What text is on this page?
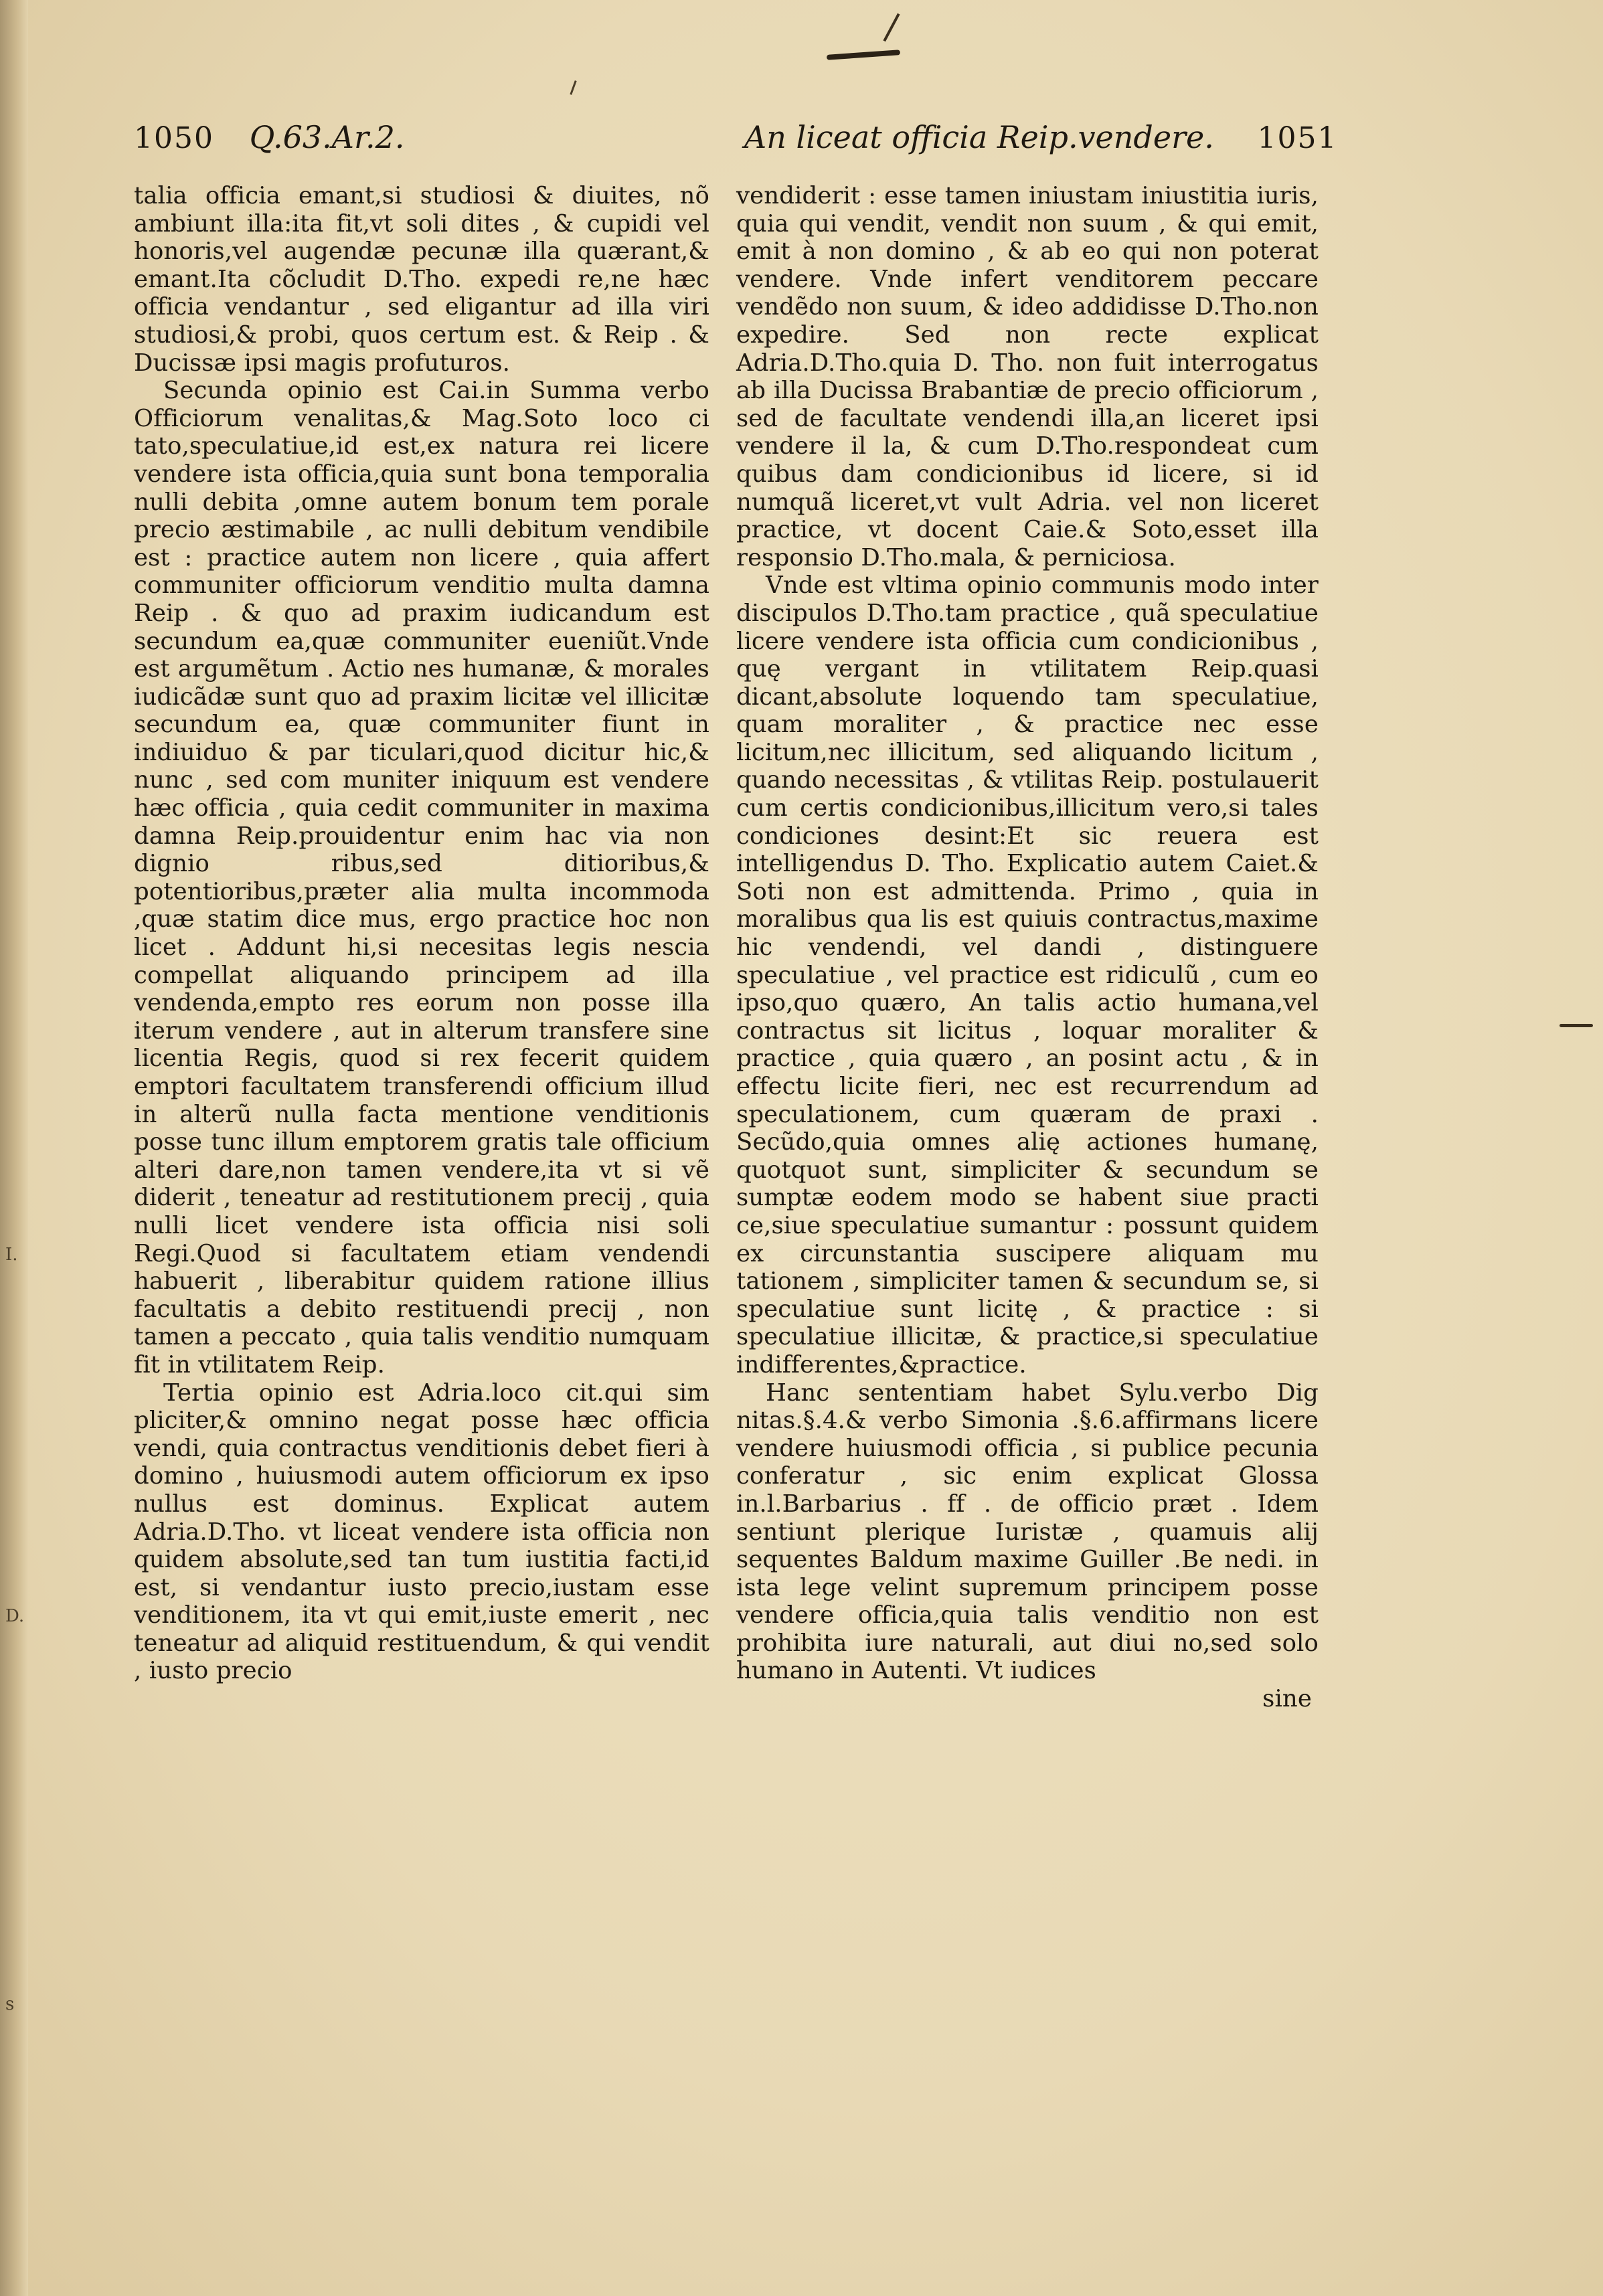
I.
D.
s
1050 Q.63.Ar.2.	An liceat officia Reip.vendere. 1051

talia officia emant,si studiosi & diuites, nõ ambiunt illa:ita fit,vt soli dites , & cupidi vel honoris,vel augendæ pecunæ illa quærant,& emant.Ita cõcludit D.Tho. expedi re,ne hæc officia vendantur , sed eligantur ad illa viri studiosi,& probi, quos certum est. & Reip . & Ducissæ ipsi magis profuturos.

Secunda opinio est Cai.in Summa verbo Officiorum venalitas,& Mag.Soto loco ci tato,speculatiue,id est,ex natura rei licere vendere ista officia,quia sunt bona temporalia nulli debita ,omne autem bonum tem porale precio æstimabile , ac nulli debitum vendibile est : practice autem non licere , quia affert communiter officiorum venditio multa damna Reip . & quo ad praxim iudicandum est secundum ea,quæ communiter eueniũt.Vnde est argumẽtum . Actio nes humanæ, & morales iudicãdæ sunt quo ad praxim licitæ vel illicitæ secundum ea, quæ communiter fiunt in indiuiduo & par ticulari,quod dicitur hic,& nunc , sed com muniter iniquum est vendere hæc officia , quia cedit communiter in maxima damna Reip.prouidentur enim hac via non dignio ribus,sed ditioribus,& potentioribus,præter alia multa incommoda ,quæ statim dice mus, ergo practice hoc non licet . Addunt hi,si necesitas legis nescia compellat aliquando principem ad illa vendenda,empto res eorum non posse illa iterum vendere , aut in alterum transfere sine licentia Regis, quod si rex fecerit quidem emptori facultatem transferendi officium illud in alterũ nulla facta mentione venditionis posse tunc illum emptorem gratis tale officium alteri dare,non tamen vendere,ita vt si vẽ diderit , teneatur ad restitutionem precij , quia nulli licet vendere ista officia nisi soli Regi.Quod si facultatem etiam vendendi habuerit , liberabitur quidem ratione illius facultatis a debito restituendi precij , non tamen a peccato , quia talis venditio numquam fit in vtilitatem Reip.

Tertia opinio est Adria.loco cit.qui sim pliciter,& omnino negat posse hæc officia vendi, quia contractus venditionis debet fieri à domino , huiusmodi autem officiorum ex ipso nullus est dominus. Explicat autem Adria.D.Tho. vt liceat vendere ista officia non quidem absolute,sed tan tum iustitia facti,id est, si vendantur iusto precio,iustam esse venditionem, ita vt qui emit,iuste emerit , nec teneatur ad aliquid restituendum, & qui vendit , iusto precio

vendiderit : esse tamen iniustam iniustitia iuris, quia qui vendit, vendit non suum , & qui emit, emit à non domino , & ab eo qui non poterat vendere. Vnde infert venditorem peccare vendẽdo non suum, & ideo addidisse D.Tho.non expedire. Sed non recte explicat Adria.D.Tho.quia D. Tho. non fuit interrogatus ab illa Ducissa Brabantiæ de precio officiorum , sed de facultate vendendi illa,an liceret ipsi vendere il la, & cum D.Tho.respondeat cum quibus dam condicionibus id licere, si id numquã liceret,vt vult Adria. vel non liceret practice, vt docent Caie.& Soto,esset illa responsio D.Tho.mala, & perniciosa.

Vnde est vltima opinio communis modo inter discipulos D.Tho.tam practice , quã speculatiue licere vendere ista officia cum condicionibus , quę vergant in vtilitatem Reip.quasi dicant,absolute loquendo tam speculatiue, quam moraliter , & practice nec esse licitum,nec illicitum, sed aliquando licitum , quando necessitas , & vtilitas Reip. postulauerit cum certis condicionibus,illicitum vero,si tales condiciones desint:Et sic reuera est intelligendus D. Tho. Explicatio autem Caiet.& Soti non est admittenda. Primo , quia in moralibus qua lis est quiuis contractus,maxime hic vendendi, vel dandi , distinguere speculatiue , vel practice est ridiculũ , cum eo ipso,quo quæro, An talis actio humana,vel contractus sit licitus , loquar moraliter & practice , quia quæro , an posint actu , & in effectu licite fieri, nec est recurrendum ad speculationem, cum quæram de praxi . Secũdo,quia omnes alię actiones humanę, quotquot sunt, simpliciter & secundum se sumptæ eodem modo se habent siue practi ce,siue speculatiue sumantur : possunt quidem ex circunstantia suscipere aliquam mu tationem , simpliciter tamen & secundum se, si speculatiue sunt licitę , & practice : si speculatiue illicitæ, & practice,si speculatiue indifferentes,&practice.

Hanc sententiam habet Sylu.verbo Dig nitas.§.4.& verbo Simonia .§.6.affirmans licere vendere huiusmodi officia , si publice pecunia conferatur , sic enim explicat Glossa in.l.Barbarius . ff . de officio præt . Idem sentiunt plerique Iuristæ , quamuis alij sequentes Baldum maxime Guiller .Be nedi. in ista lege velint supremum principem posse vendere officia,quia talis venditio non est prohibita iure naturali, aut diui no,sed solo humano in Autenti. Vt iudices

sine
